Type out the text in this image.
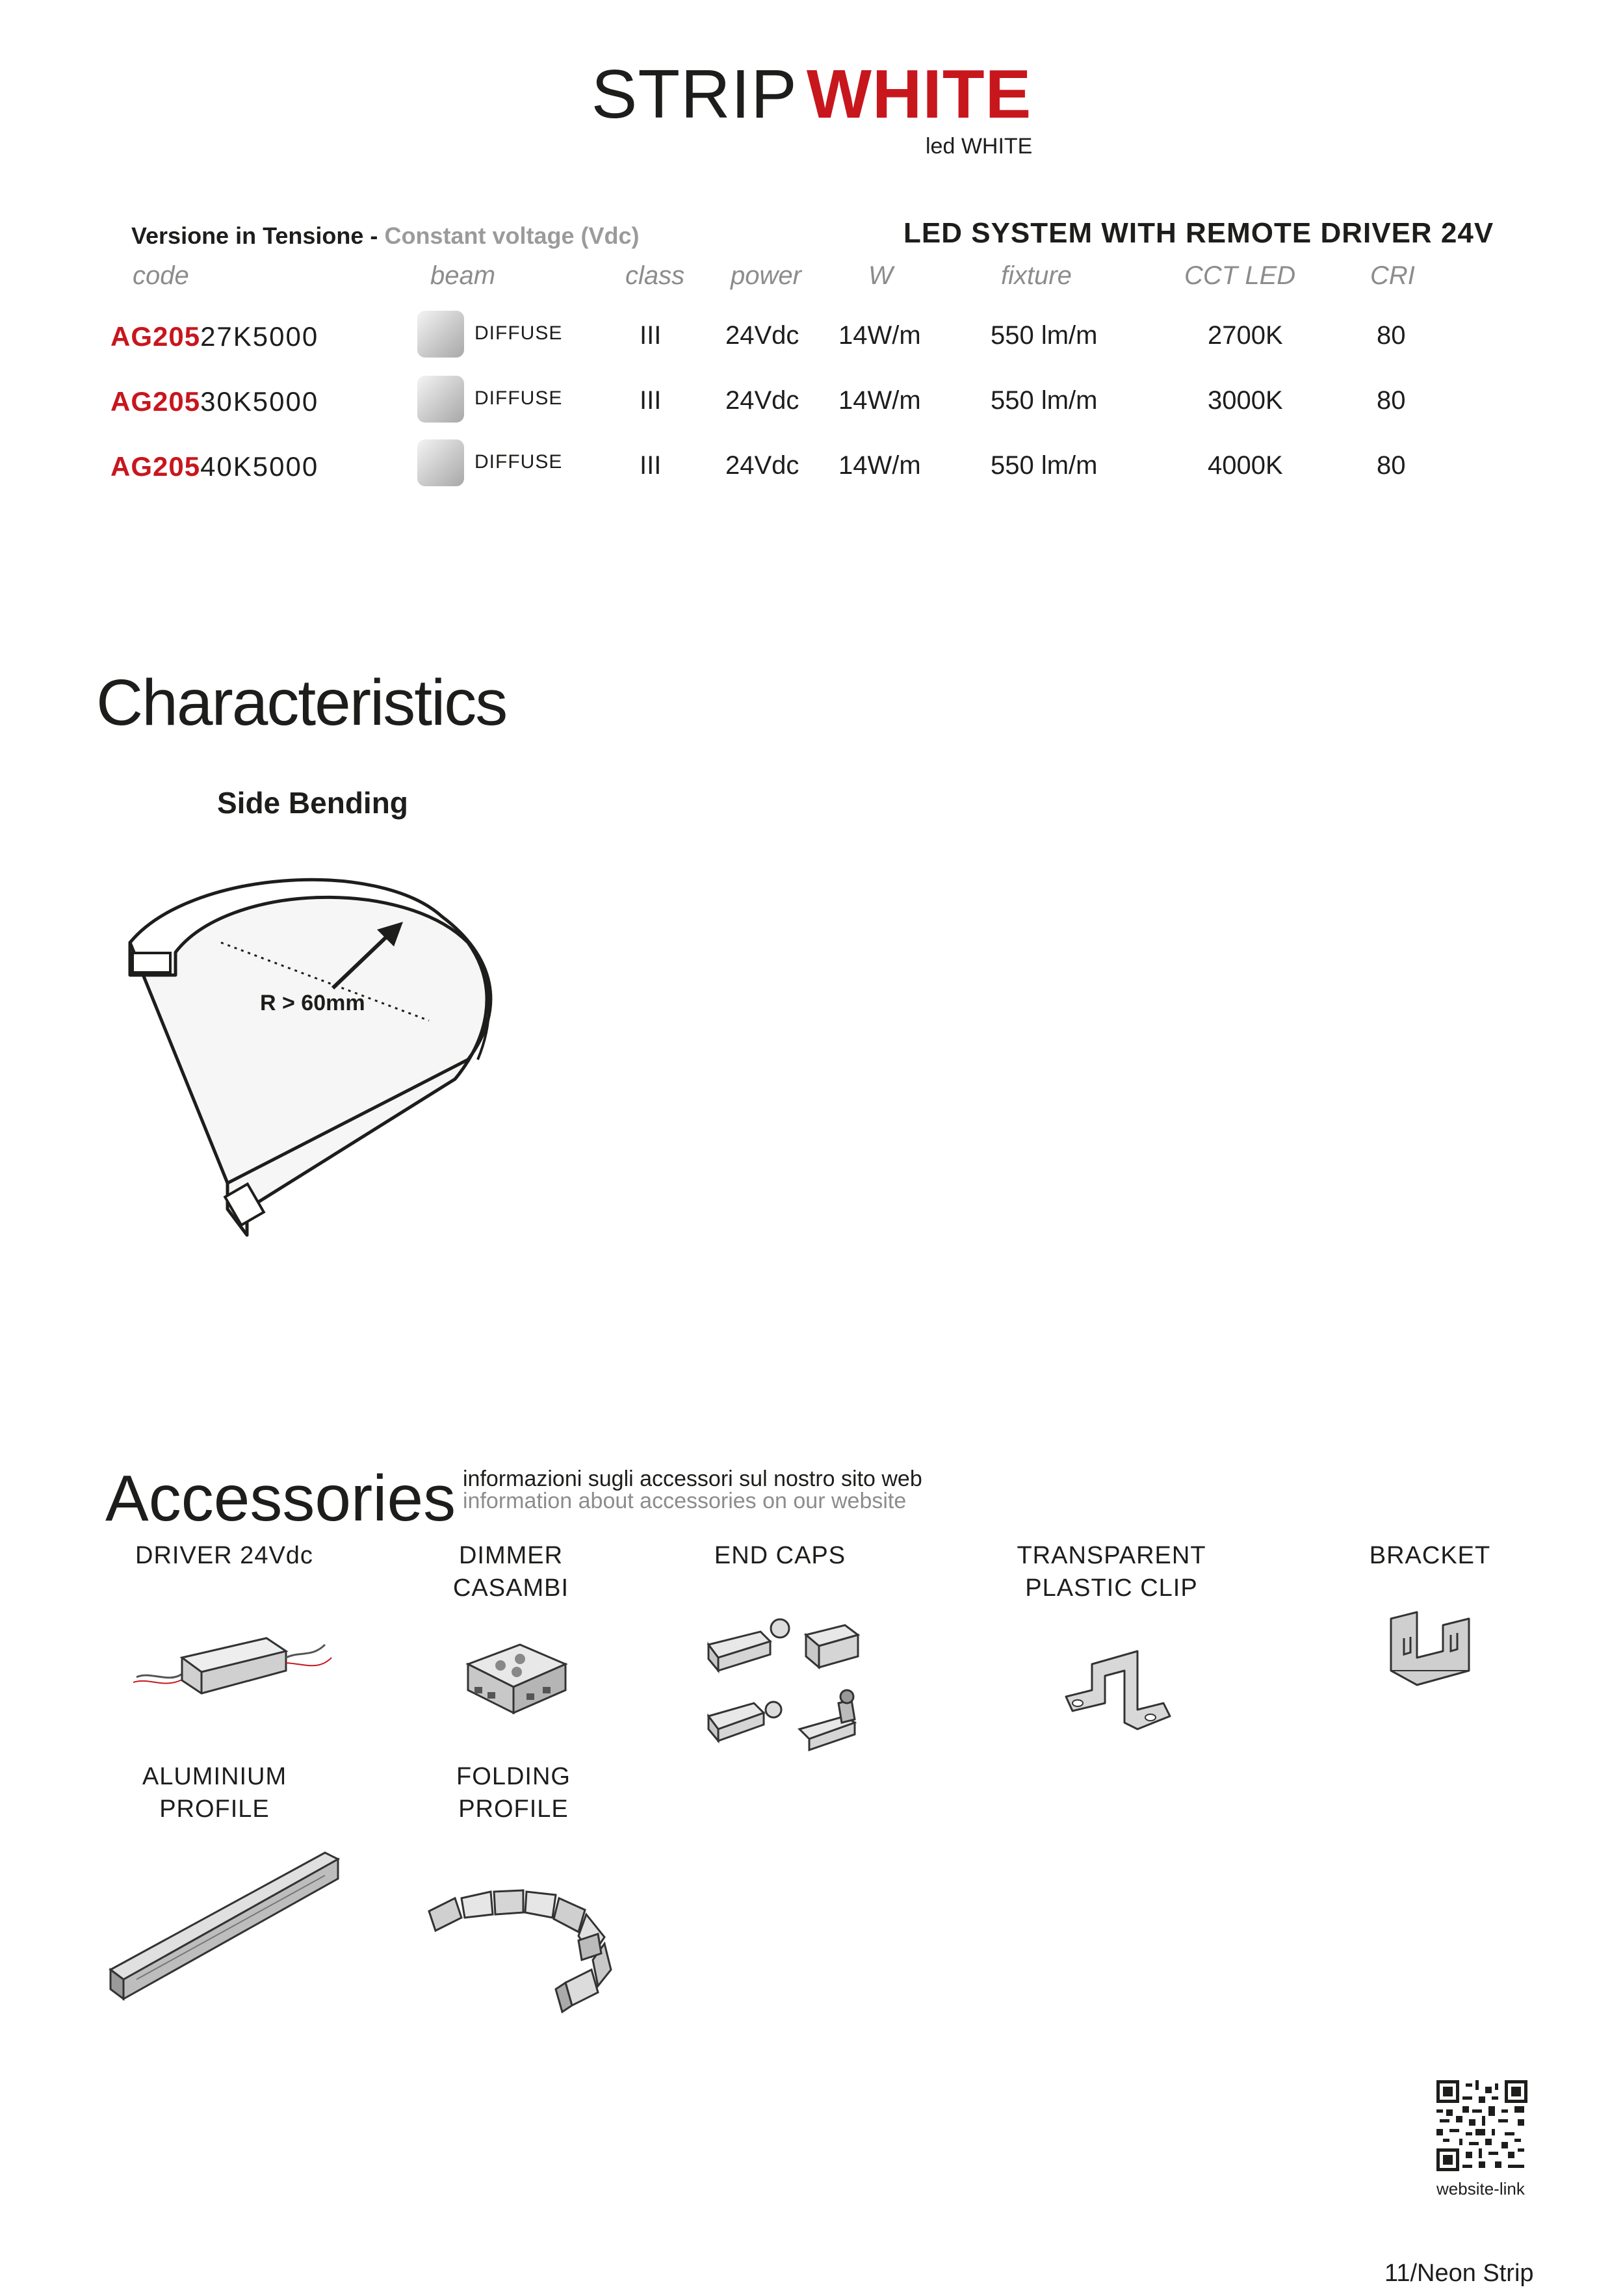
STRIP WHITE
led WHITE
Versione in Tensione - Constant voltage (Vdc)	LED SYSTEM WITH REMOTE DRIVER 24V
code	beam	class power	W	fixture	CCT LED	CRI
AG20527K5000	DIFFUSE	III 24Vdc 14W/m	550 lm/m	2700K	80
AG20530K5000	DIFFUSE	III 24Vdc 14W/m	550 lm/m	3000K	80
AG20540K5000	DIFFUSE	III 24Vdc 14W/m	550 lm/m	4000K	80
Characteristics
Side Bending
R > 60mm
Accessories informazioni sugli accessori sul nostro sito web
information about accessories on our website
DRIVER 24Vdc	DIMMER
CASAMBI
END CAPS	TRANSPARENT
PLASTIC CLIP
BRACKET
ALUMINIUM
PROFILE
FOLDING
PROFILE
website-link
11/Neon Strip
